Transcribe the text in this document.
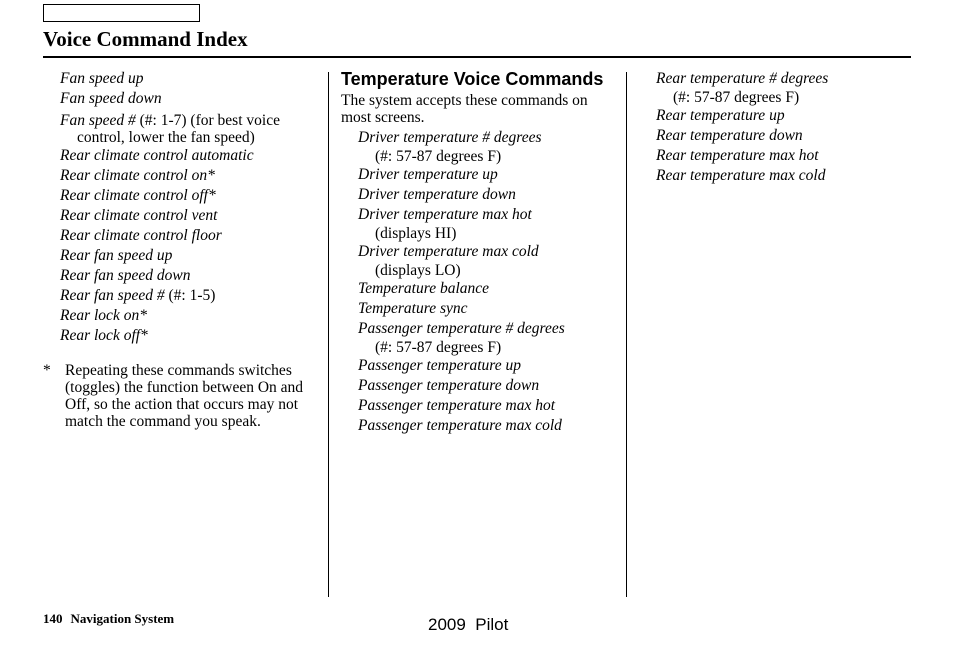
Voice Command Index
Fan speed up
Fan speed down
Fan speed # (#: 1-7) (for best voice
control, lower the fan speed)
Rear climate control automatic
Rear climate control on*
Rear climate control off*
Rear climate control vent
Rear climate control floor
Rear fan speed up
Rear fan speed down
Rear fan speed # (#: 1-5)
Rear lock on*
Rear lock off*
* Repeating these commands switches (toggles) the function between On and Off, so the action that occurs may not match the command you speak.
Temperature Voice Commands

The system accepts these commands on most screens.

Driver temperature # degrees
(#: 57-87 degrees F)
Driver temperature up
Driver temperature down
Driver temperature max hot
(displays HI)
Driver temperature max cold
(displays LO)
Temperature balance
Temperature sync
Passenger temperature # degrees
(#: 57-87 degrees F)
Passenger temperature up
Passenger temperature down
Passenger temperature max hot
Passenger temperature max cold
Rear temperature # degrees
(#: 57-87 degrees F)
Rear temperature up
Rear temperature down
Rear temperature max hot
Rear temperature max cold
140 Navigation System	2009  Pilot
